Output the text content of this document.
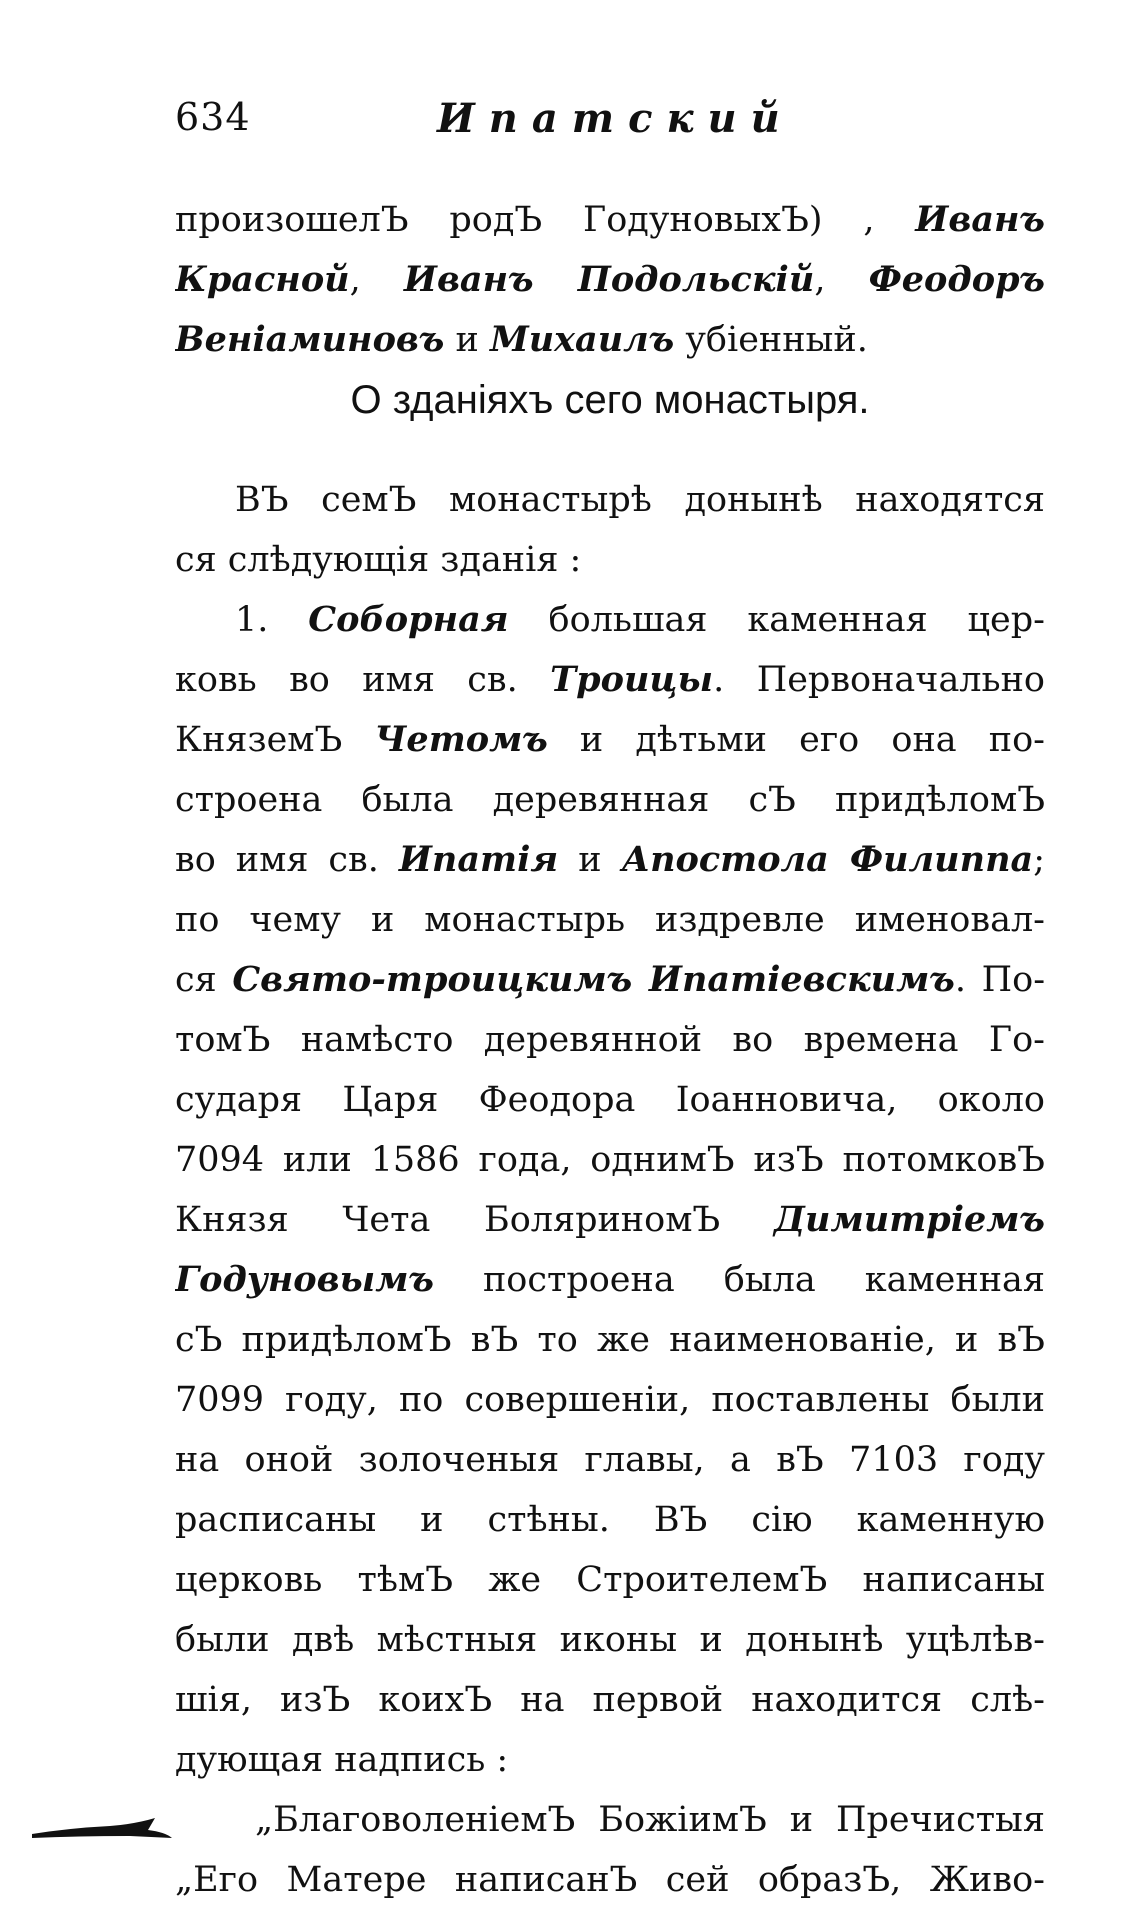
634	Ипатский
произошелЪ родЪ ГодуновыхЪ) , Иванъ
Красной, Иванъ Подольскій, Феодоръ
Веніаминовъ и Михаилъ убіенный.
О зданіяхъ сего монастыря.
ВЪ семЪ монастырѣ донынѣ находятся
ся слѣдующія зданія :
1. Соборная большая каменная цер-
ковь во имя св. Троицы. Первоначально
КняземЪ Четомъ и дѣтьми его она по-
строена была деревянная сЪ придѣломЪ
во имя св. Ипатія и Апостола Филиппа;
по чему и монастырь издревле именовал-
ся Свято-троицкимъ Ипатіевскимъ. По-
томЪ намѣсто деревянной во времена Го-
сударя Царя Феодора Іоанновича, около
7094 или 1586 года, однимЪ изЪ потомковЪ
Князя Чета БоляриномЪ Димитріемъ
Годуновымъ построена была каменная
сЪ придѣломЪ вЪ то же наименованіе, и вЪ
7099 году, по совершеніи, поставлены были
на оной золоченыя главы, а вЪ 7103 году
расписаны и стѣны. ВЪ сію каменную
церковь тѣмЪ же СтроителемЪ написаны
были двѣ мѣстныя иконы и донынѣ уцѣлѣв-
шія, изЪ коихЪ на первой находится слѣ-
дующая надпись :
„БлаговоленіемЪ БожіимЪ и Пречистыя
„Его Матере написанЪ сей образЪ, Живо-
